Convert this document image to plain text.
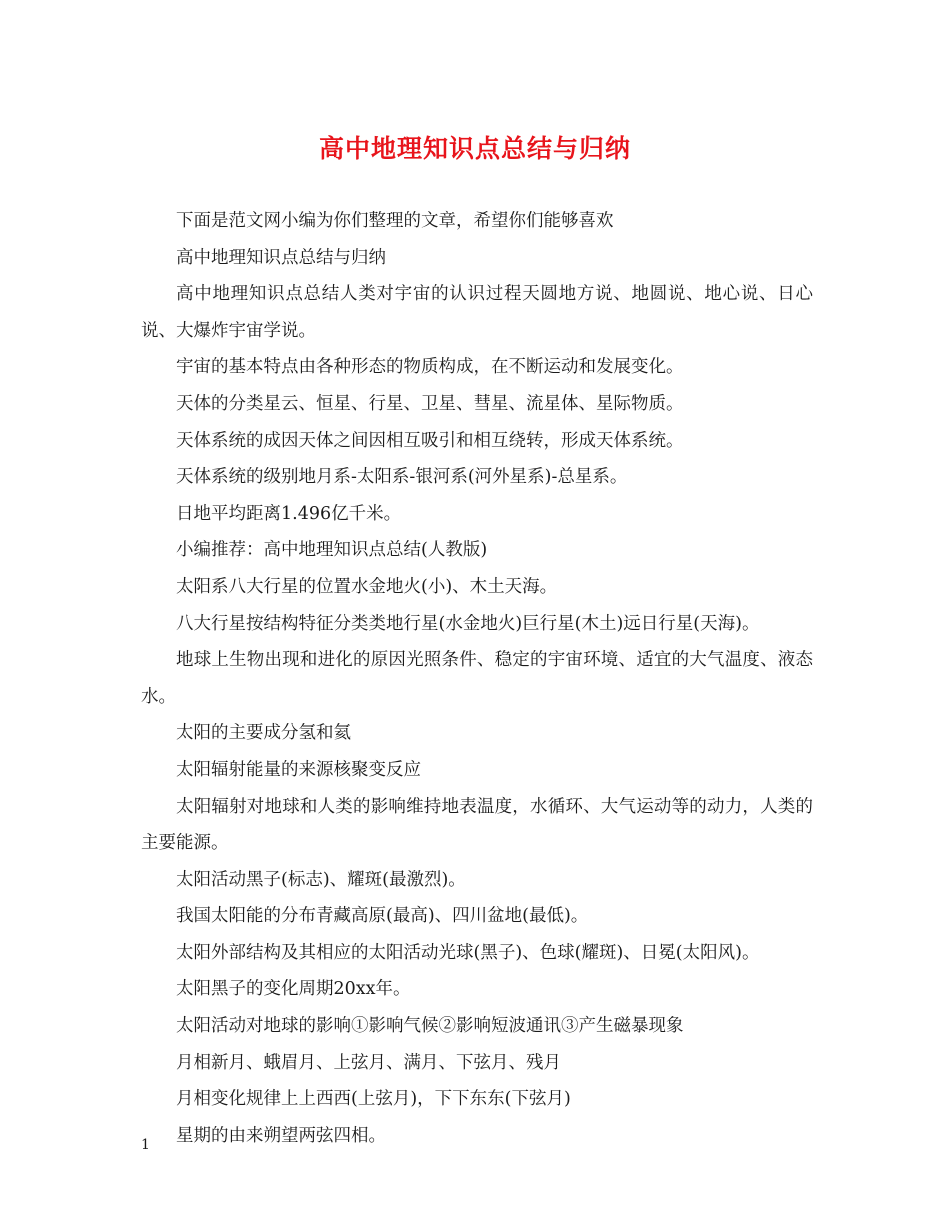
高中地理知识点总结与归纳

下面是范文网小编为你们整理的文章，希望你们能够喜欢

高中地理知识点总结与归纳

高中地理知识点总结人类对宇宙的认识过程天圆地方说、地圆说、地心说、日心说、大爆炸宇宙学说。

宇宙的基本特点由各种形态的物质构成，在不断运动和发展变化。

天体的分类星云、恒星、行星、卫星、彗星、流星体、星际物质。

天体系统的成因天体之间因相互吸引和相互绕转，形成天体系统。

天体系统的级别地月系-太阳系-银河系(河外星系)-总星系。

日地平均距离1.496亿千米。

小编推荐：高中地理知识点总结(人教版)

太阳系八大行星的位置水金地火(小)、木土天海。

八大行星按结构特征分类类地行星(水金地火)巨行星(木土)远日行星(天海)。

地球上生物出现和进化的原因光照条件、稳定的宇宙环境、适宜的大气温度、液态水。

太阳的主要成分氢和氦

太阳辐射能量的来源核聚变反应

太阳辐射对地球和人类的影响维持地表温度，水循环、大气运动等的动力，人类的主要能源。

太阳活动黑子(标志)、耀斑(最激烈)。

我国太阳能的分布青藏高原(最高)、四川盆地(最低)。

太阳外部结构及其相应的太阳活动光球(黑子)、色球(耀斑)、日冕(太阳风)。

太阳黑子的变化周期20xx年。

太阳活动对地球的影响①影响气候②影响短波通讯③产生磁暴现象

月相新月、蛾眉月、上弦月、满月、下弦月、残月

月相变化规律上上西西(上弦月)，下下东东(下弦月)

星期的由来朔望两弦四相。

1
